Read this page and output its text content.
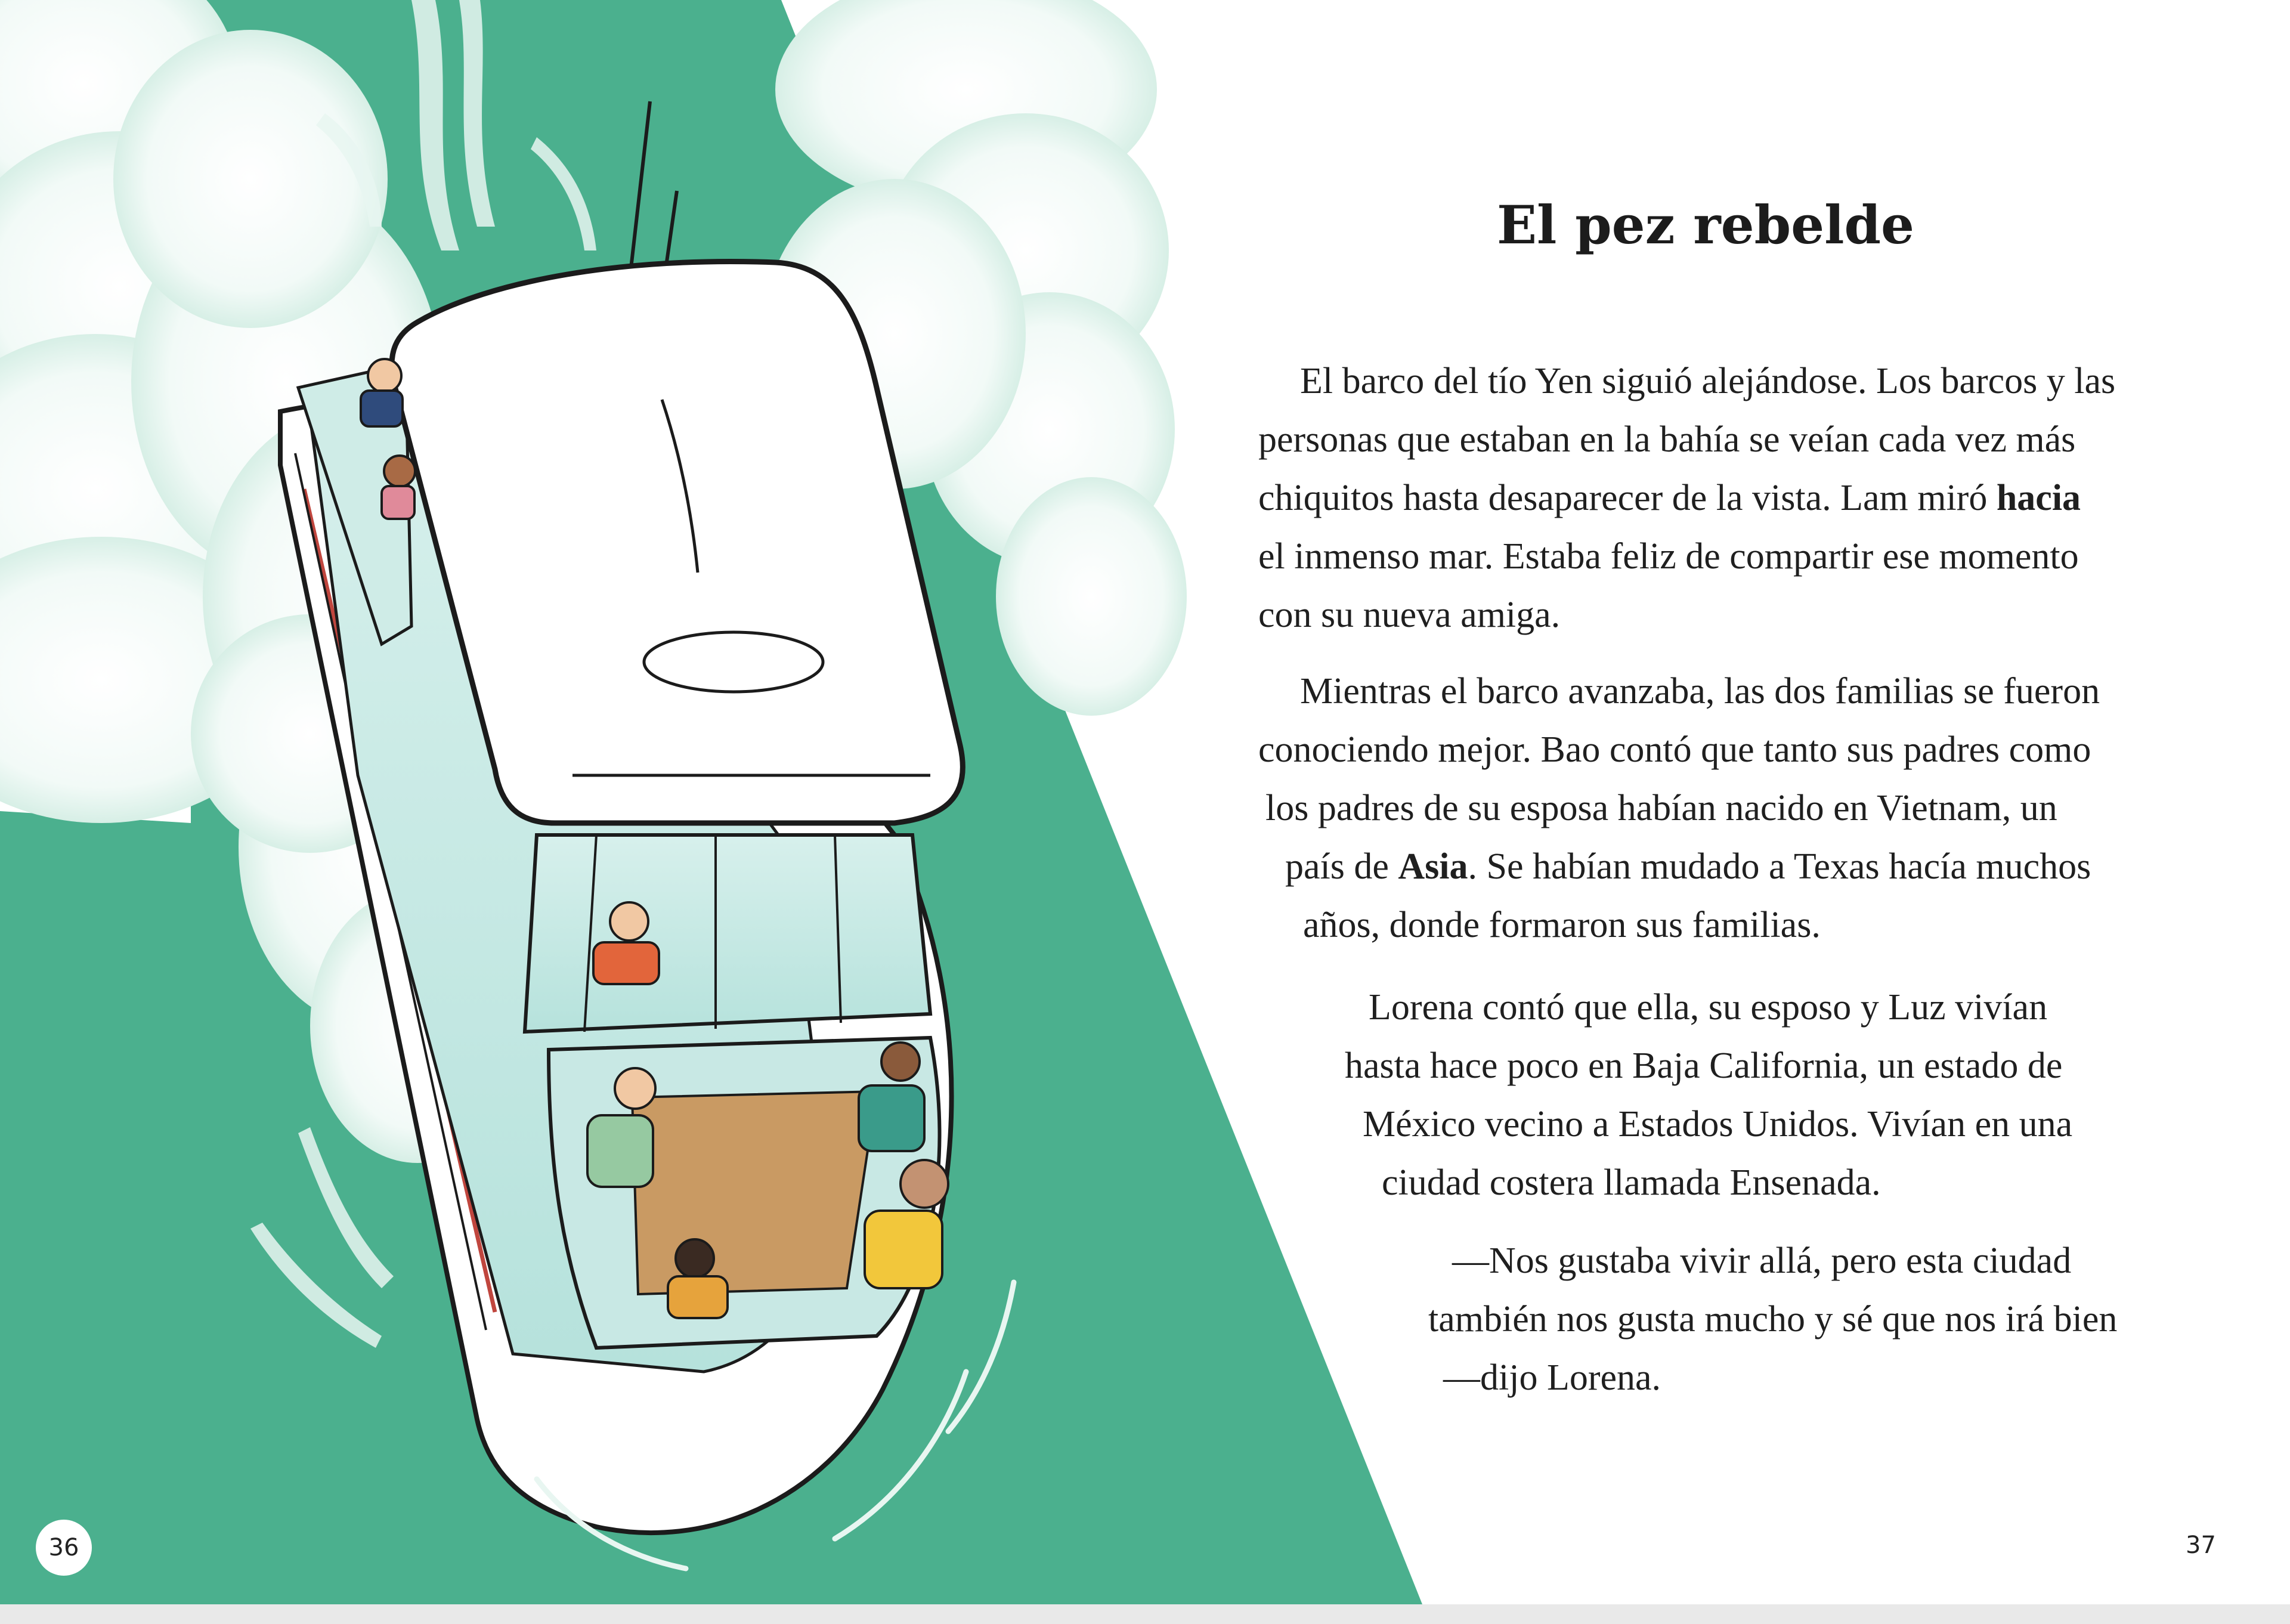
El pez rebelde

El barco del tío Yen siguió alejándose. Los barcos y las
personas que estaban en la bahía se veían cada vez más
chiquitos hasta desaparecer de la vista. Lam miró hacia
el inmenso mar. Estaba feliz de compartir ese momento
con su nueva amiga.

Mientras el barco avanzaba, las dos familias se fueron
conociendo mejor. Bao contó que tanto sus padres como
los padres de su esposa habían nacido en Vietnam, un
país de Asia. Se habían mudado a Texas hacía muchos
años, donde formaron sus familias.

Lorena contó que ella, su esposo y Luz vivían
hasta hace poco en Baja California, un estado de
México vecino a Estados Unidos. Vivían en una
ciudad costera llamada Ensenada.

—Nos gustaba vivir allá, pero esta ciudad
también nos gusta mucho y sé que nos irá bien
—dijo Lorena.

36	37
